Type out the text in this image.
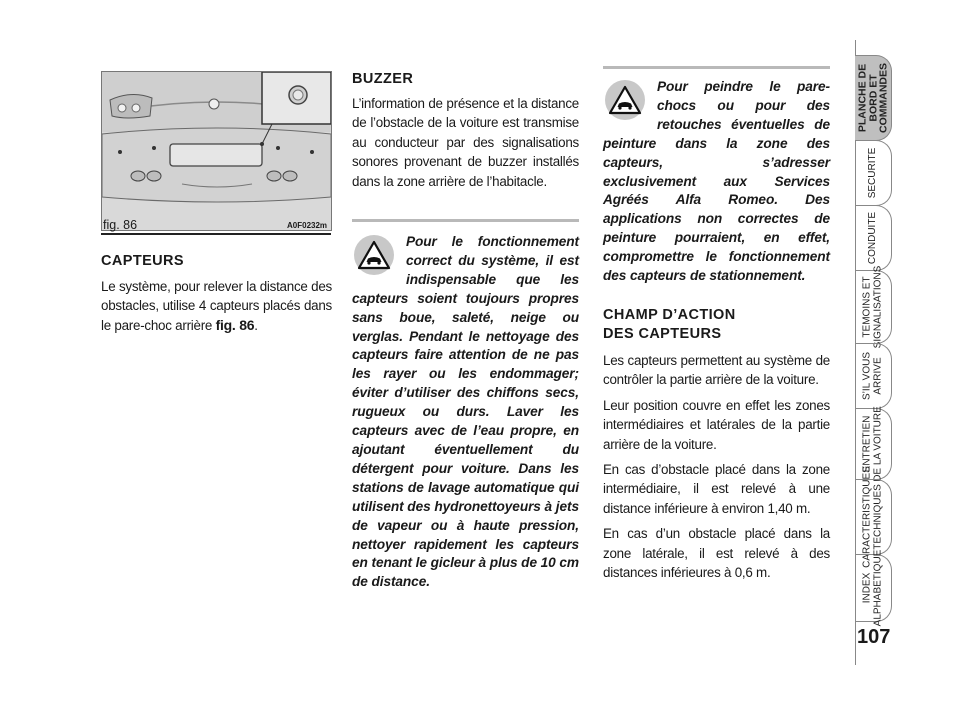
fig. 86	A0F0232m
CAPTEURS

Le système, pour relever la distance des obstacles, utilise 4 capteurs placés dans le pare-choc arrière fig. 86.

BUZZER
L’information de présence et la distance de l’obstacle de la voiture est transmise au conducteur par des signalisations sonores provenant de buzzer installés dans la zone arrière de l’habitacle.
Pour le fonctionnement correct du système, il est indispensable que les capteurs soient toujours propres sans boue, saleté, neige ou verglas. Pendant le nettoyage des capteurs faire attention de ne pas les rayer ou les endommager; éviter d’utiliser des chiffons secs, rugueux ou durs. Laver les capteurs avec de l’eau propre, en ajoutant éventuellement du détergent pour voiture. Dans les stations de lavage automatique qui utilisent des hydronettoyeurs à jets de vapeur ou à haute pression, nettoyer rapidement les capteurs en tenant le gicleur à plus de 10 cm de distance.
Pour peindre le pare-chocs ou pour des retouches éventuelles de peinture dans la zone des capteurs, s’adresser exclusivement aux Services Agréés Alfa Romeo. Des applications non correctes de peinture pourraient, en effet, compromettre le fonctionnement des capteurs de stationnement.
CHAMP D’ACTION
DES CAPTEURS

Les capteurs permettent au système de contrôler la partie arrière de la voiture.

Leur position couvre en effet les zones intermédiaires et latérales de la partie arrière de la voiture.

En cas d’obstacle placé dans la zone intermédiaire, il est relevé à une distance inférieure à environ 1,40 m.

En cas d’un obstacle placé dans la zone latérale, il est relevé à des distances inférieures à 0,6 m.

PLANCHE DE
BORD ET
COMMANDES
SECURITE
CONDUITE
TEMOINS ET SIGNALISATIONS
S’IL VOUS ARRIVE
ENTRETIEN DE LA VOITURE
CARACTERISTIQUES TECHNIQUES
INDEX ALPHABETIQUE
107
